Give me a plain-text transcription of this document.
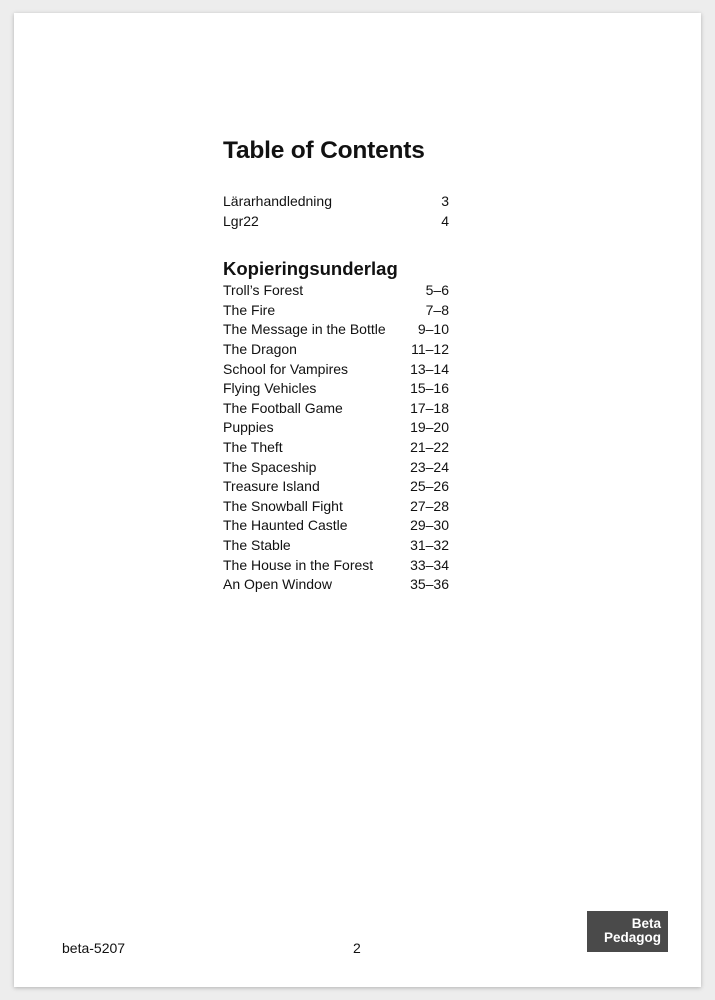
Table of Contents
Lärarhandledning	3
Lgr22	4
Kopieringsunderlag
Troll’s Forest	5–6
The Fire	7–8
The Message in the Bottle 9–10
The Dragon	11–12
School for Vampires	13–14
Flying Vehicles	15–16
The Football Game	17–18
Puppies	19–20
The Theft	21–22
The Spaceship	23–24
Treasure Island	25–26
The Snowball Fight	27–28
The Haunted Castle	29–30
The Stable	31–32
The House in the Forest	33–34
An Open Window	35–36
beta-5207	2
Beta
Pedagog
